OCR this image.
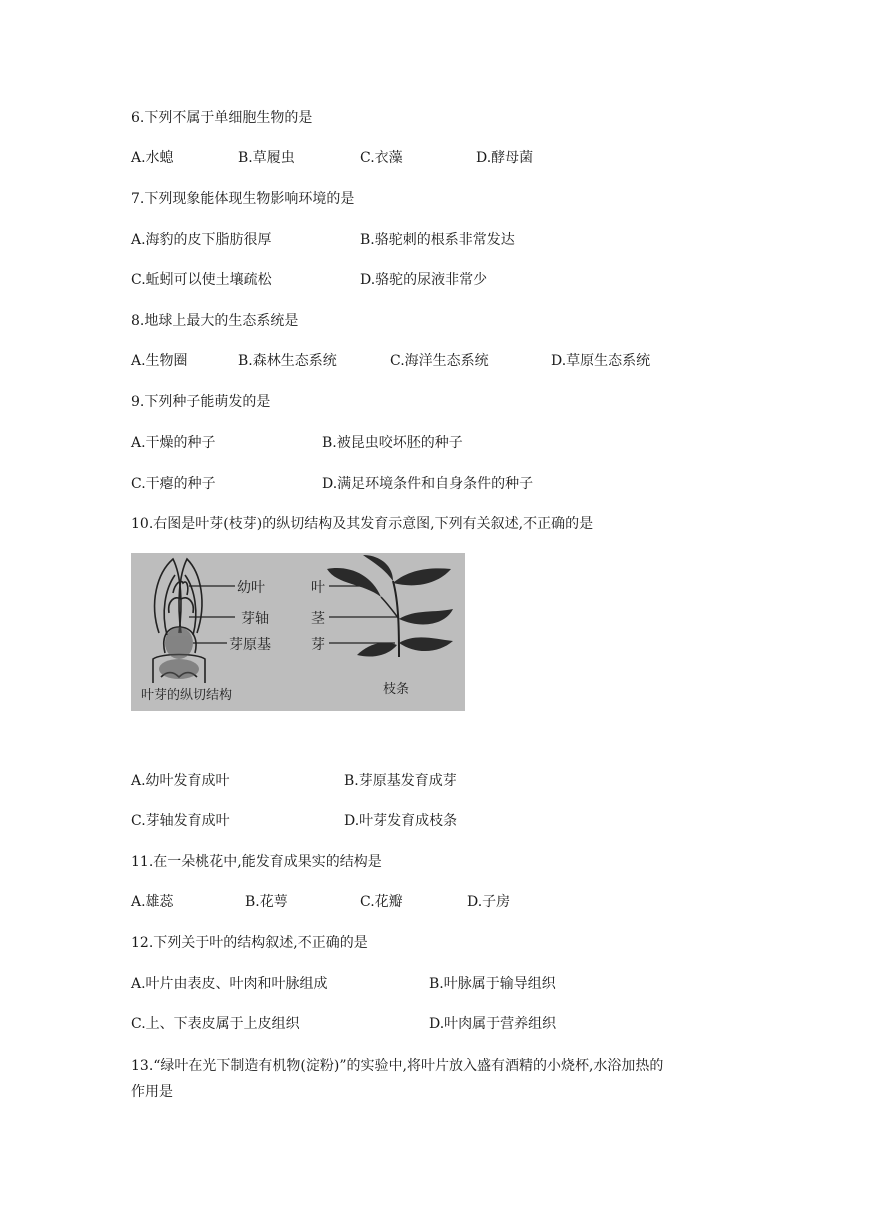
6.下列不属于单细胞生物的是
A.水螅	B.草履虫	C.衣藻	D.酵母菌
7.下列现象能体现生物影响环境的是
A.海豹的皮下脂肪很厚	B.骆驼刺的根系非常发达
C.蚯蚓可以使土壤疏松	D.骆驼的尿液非常少
8.地球上最大的生态系统是
A.生物圈	B.森林生态系统	C.海洋生态系统	D.草原生态系统
9.下列种子能萌发的是
A.干燥的种子	B.被昆虫咬坏胚的种子
C.干瘪的种子	D.满足环境条件和自身条件的种子
10.右图是叶芽(枝芽)的纵切结构及其发育示意图,下列有关叙述,不正确的是
幼叶
芽轴
芽原基
叶芽的纵切结构
叶
茎
芽
枝条
A.幼叶发育成叶	B.芽原基发育成芽
C.芽轴发育成叶	D.叶芽发育成枝条
11.在一朵桃花中,能发育成果实的结构是
A.雄蕊	B.花萼	C.花瓣	D.子房
12.下列关于叶的结构叙述,不正确的是
A.叶片由表皮、叶肉和叶脉组成	B.叶脉属于输导组织
C.上、下表皮属于上皮组织	D.叶肉属于营养组织
13.“绿叶在光下制造有机物(淀粉)”的实验中,将叶片放入盛有酒精的小烧杯,水浴加热的
作用是
